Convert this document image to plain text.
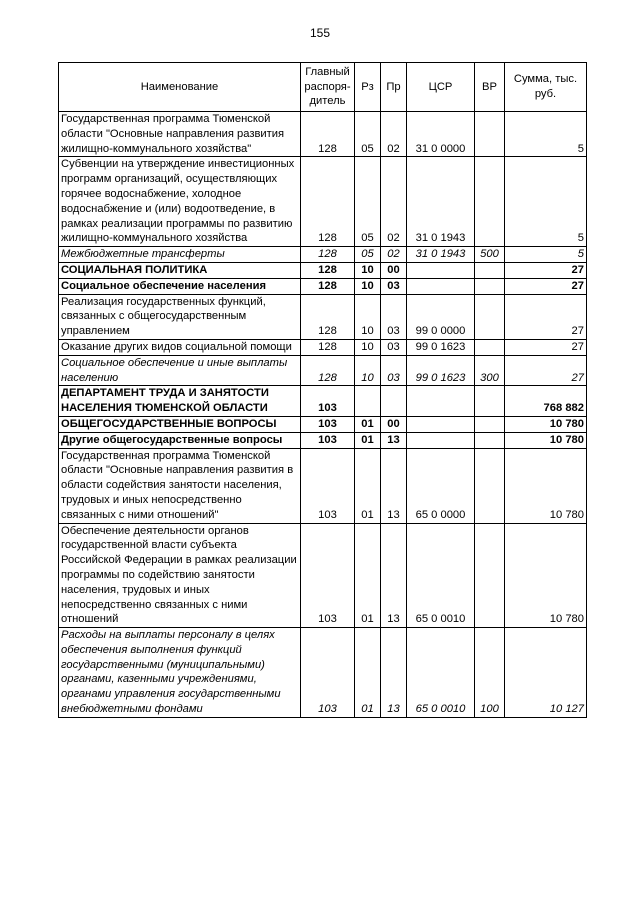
155
Наименование	Главный распоря-дитель	Рз	Пр	ЦСР	ВР	Сумма, тыс. руб.
Государственная программа Тюменской области "Основные направления развития жилищно-коммунального хозяйства"	128	05	02	31 0 0000		5
Субвенции на утверждение инвестиционных программ организаций, осуществляющих горячее водоснабжение, холодное водоснабжение и (или) водоотведение, в рамках реализации программы по развитию жилищно-коммунального хозяйства	128	05	02	31 0 1943		5
Межбюджетные трансферты	128	05	02	31 0 1943	500	5
СОЦИАЛЬНАЯ ПОЛИТИКА	128	10	00			27
Социальное обеспечение населения	128	10	03			27
Реализация государственных функций, связанных с общегосударственным управлением	128	10	03	99 0 0000		27
Оказание других видов социальной помощи	128	10	03	99 0 1623		27
Социальное обеспечение и иные выплаты населению	128	10	03	99 0 1623	300	27
ДЕПАРТАМЕНТ ТРУДА И ЗАНЯТОСТИ НАСЕЛЕНИЯ ТЮМЕНСКОЙ ОБЛАСТИ	103					768 882
ОБЩЕГОСУДАРСТВЕННЫЕ ВОПРОСЫ	103	01	00			10 780
Другие общегосударственные вопросы	103	01	13			10 780
Государственная программа Тюменской области "Основные направления развития в области содействия занятости населения, трудовых и иных непосредственно связанных с ними отношений"	103	01	13	65 0 0000		10 780
Обеспечение деятельности органов государственной власти субъекта Российской Федерации в рамках реализации программы по содействию занятости населения, трудовых и иных непосредственно связанных с ними отношений	103	01	13	65 0 0010		10 780
Расходы на выплаты персоналу в целях обеспечения выполнения функций государственными (муниципальными) органами, казенными учреждениями, органами управления государственными внебюджетными фондами	103	01	13	65 0 0010	100	10 127
